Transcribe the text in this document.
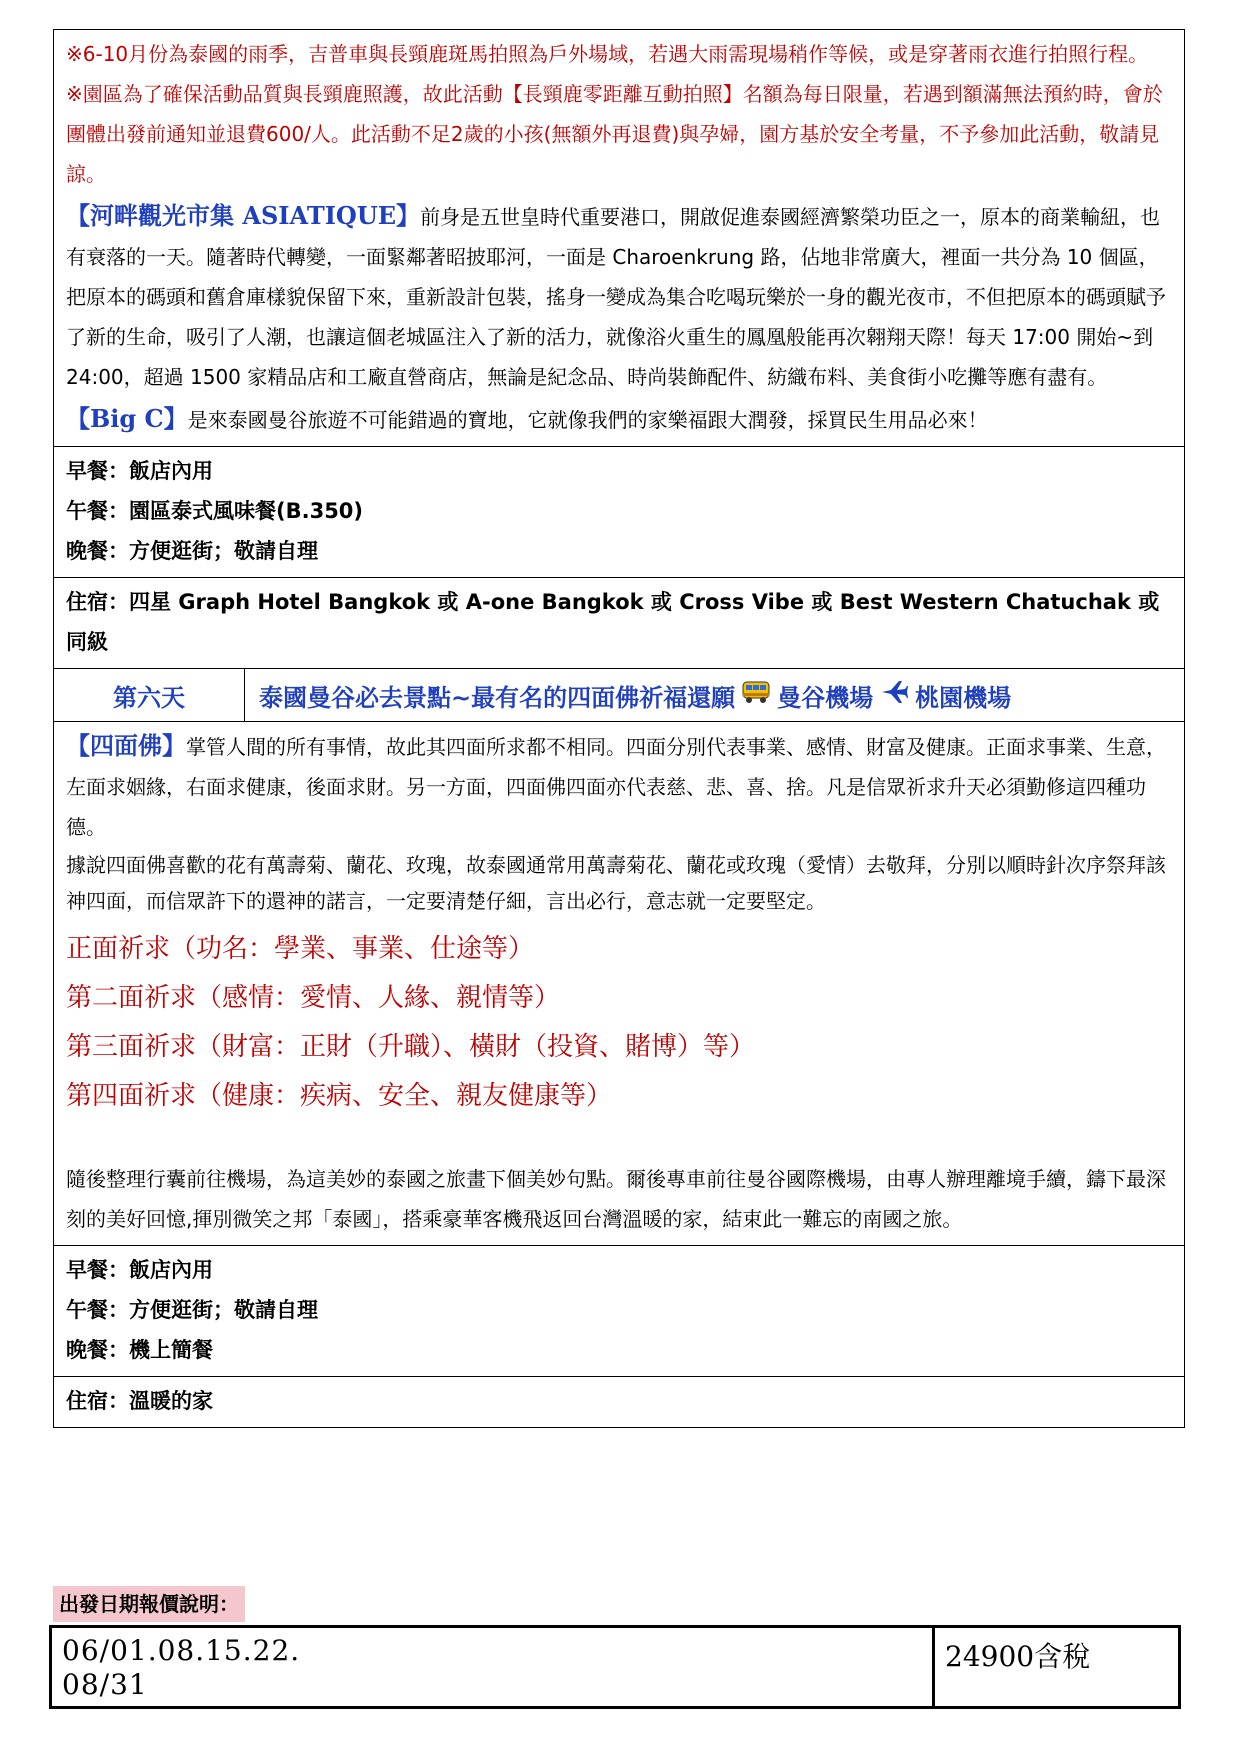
※6-10月份為泰國的雨季，吉普車與長頸鹿斑馬拍照為戶外場域，若遇大雨需現場稍作等候，或是穿著雨衣進行拍照行程。

※園區為了確保活動品質與長頸鹿照護，故此活動【長頸鹿零距離互動拍照】名額為每日限量，若遇到額滿無法預約時，會於團體出發前通知並退費600/人。此活動不足2歲的小孩(無額外再退費)與孕婦，園方基於安全考量，不予參加此活動，敬請見諒。

【河畔觀光市集 ASIATIQUE】前身是五世皇時代重要港口，開啟促進泰國經濟繁榮功臣之一，原本的商業輸紐，也有衰落的一天。隨著時代轉變，一面緊鄰著昭披耶河，一面是 Charoenkrung 路，佔地非常廣大，裡面一共分為 10 個區，把原本的碼頭和舊倉庫樣貌保留下來，重新設計包裝，搖身一變成為集合吃喝玩樂於一身的觀光夜市，不但把原本的碼頭賦予了新的生命，吸引了人潮，也讓這個老城區注入了新的活力，就像浴火重生的鳳凰般能再次翱翔天際！每天 17:00 開始~到 24:00，超過 1500 家精品店和工廠直營商店，無論是紀念品、時尚裝飾配件、紡織布料、美食街小吃攤等應有盡有。

【Big C】是來泰國曼谷旅遊不可能錯過的寶地，它就像我們的家樂福跟大潤發，採買民生用品必來！

早餐：飯店內用

午餐：園區泰式風味餐(B.350)

晚餐：方便逛街；敬請自理

住宿：四星 Graph Hotel Bangkok 或 A-one Bangkok 或 Cross Vibe 或 Best Western Chatuchak 或同級

第六天	泰國曼谷必去景點~最有名的四面佛祈福還願 曼谷機場 桃園機場

【四面佛】掌管人間的所有事情，故此其四面所求都不相同。四面分別代表事業、感情、財富及健康。正面求事業、生意，左面求姻緣，右面求健康，後面求財。另一方面，四面佛四面亦代表慈、悲、喜、捨。凡是信眾祈求升天必須勤修這四種功德。

據說四面佛喜歡的花有萬壽菊、蘭花、玫瑰，故泰國通常用萬壽菊花、蘭花或玫瑰（愛情）去敬拜，分別以順時針次序祭拜該神四面，而信眾許下的還神的諾言，一定要清楚仔細，言出必行，意志就一定要堅定。

正面祈求（功名：學業、事業、仕途等）

第二面祈求（感情：愛情、人緣、親情等）

第三面祈求（財富：正財（升職）、橫財（投資、賭博）等）

第四面祈求（健康：疾病、安全、親友健康等）

隨後整理行囊前往機場，為這美妙的泰國之旅畫下個美妙句點。爾後專車前往曼谷國際機場，由專人辦理離境手續，鑄下最深刻的美好回憶,揮別微笑之邦「泰國」，搭乘豪華客機飛返回台灣溫暖的家，結束此一難忘的南國之旅。

早餐：飯店內用

午餐：方便逛街；敬請自理

晚餐：機上簡餐

住宿：溫暖的家

出發日期報價說明：
06/01.08.15.22.
08/31
24900含稅
